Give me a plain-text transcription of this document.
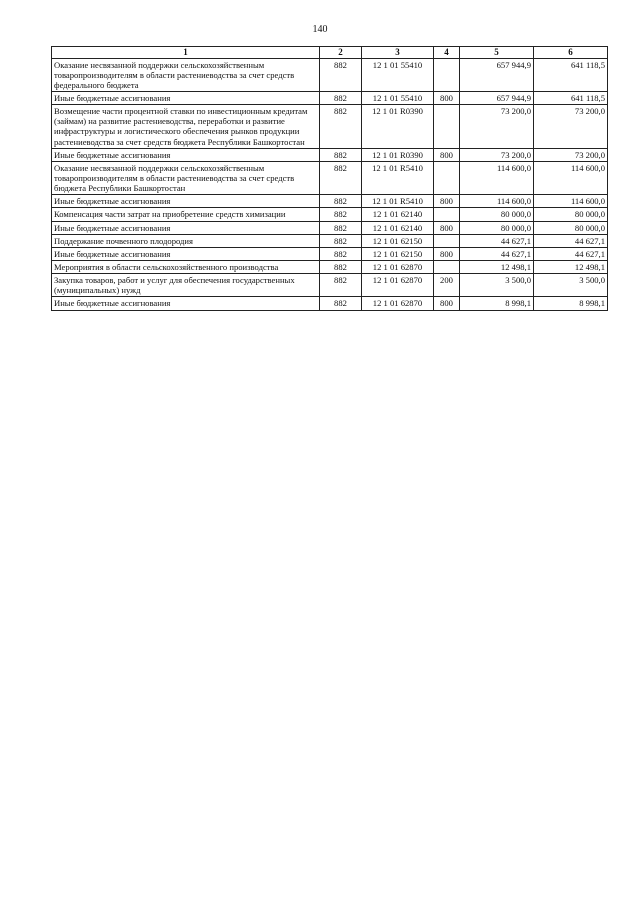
140
1	2	3	4	5	6
Оказание несвязанной поддержки сельскохозяйственным товаропроизводителям в области растениеводства за счет средств федерального бюджета	882	12 1 01 55410		657 944,9	641 118,5
Иные бюджетные ассигнования	882	12 1 01 55410	800	657 944,9	641 118,5
Возмещение части процентной ставки по инвестиционным кредитам (займам) на развитие растениеводства, переработки и развитие инфраструктуры и логистического обеспечения рынков продукции растениеводства за счет средств бюджета Республики Башкортостан	882	12 1 01 R0390		73 200,0	73 200,0
Иные бюджетные ассигнования	882	12 1 01 R0390	800	73 200,0	73 200,0
Оказание несвязанной поддержки сельскохозяйственным товаропроизводителям в области растениеводства за счет средств бюджета Республики Башкортостан	882	12 1 01 R5410		114 600,0	114 600,0
Иные бюджетные ассигнования	882	12 1 01 R5410	800	114 600,0	114 600,0
Компенсация части затрат на приобретение средств химизации	882	12 1 01 62140		80 000,0	80 000,0
Иные бюджетные ассигнования	882	12 1 01 62140	800	80 000,0	80 000,0
Поддержание почвенного плодородия	882	12 1 01 62150		44 627,1	44 627,1
Иные бюджетные ассигнования	882	12 1 01 62150	800	44 627,1	44 627,1
Мероприятия в области сельскохозяйственного производства	882	12 1 01 62870		12 498,1	12 498,1
Закупка товаров, работ и услуг для обеспечения государственных (муниципальных) нужд	882	12 1 01 62870	200	3 500,0	3 500,0
Иные бюджетные ассигнования	882	12 1 01 62870	800	8 998,1	8 998,1
